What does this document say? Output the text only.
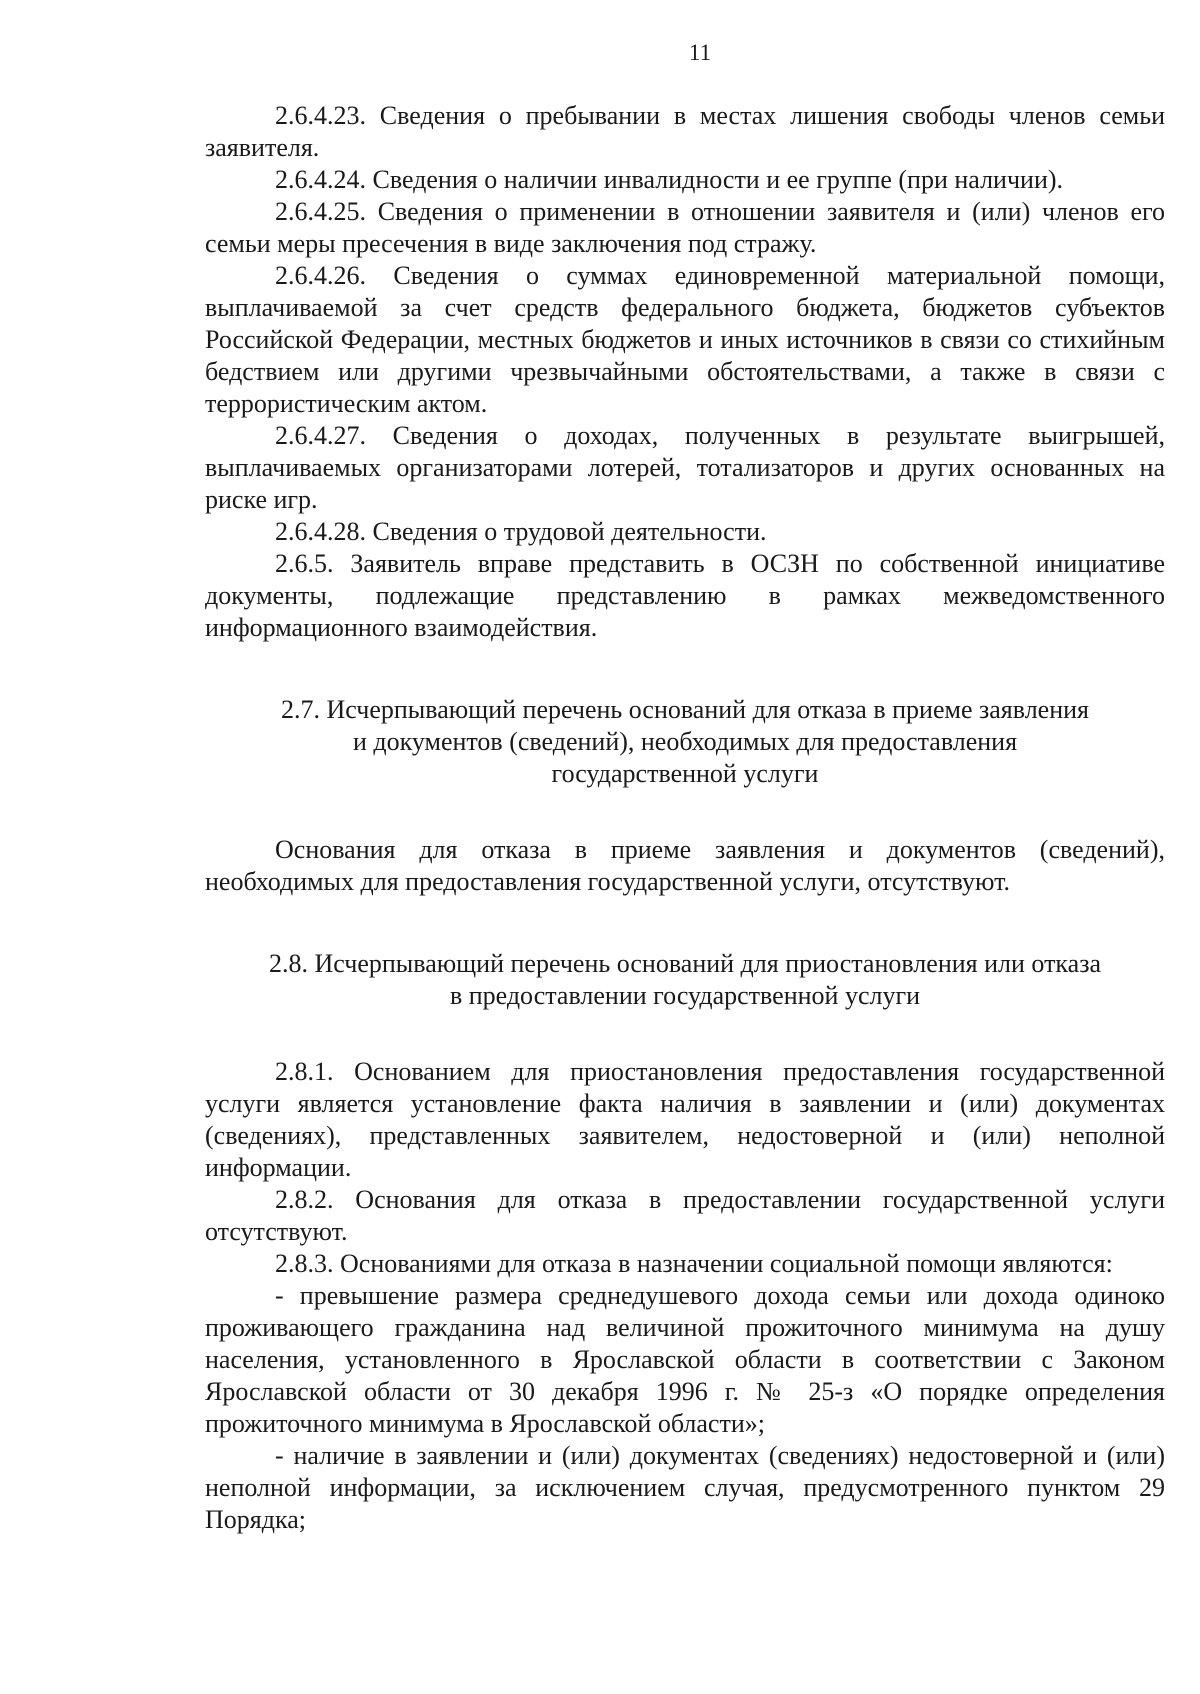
11

2.6.4.23. Сведения о пребывании в местах лишения свободы членов семьи заявителя.

2.6.4.24. Сведения о наличии инвалидности и ее группе (при наличии).

2.6.4.25. Сведения о применении в отношении заявителя и (или) членов его семьи меры пресечения в виде заключения под стражу.

2.6.4.26. Сведения о суммах единовременной материальной помощи, выплачиваемой за счет средств федерального бюджета, бюджетов субъектов Российской Федерации, местных бюджетов и иных источников в связи со стихийным бедствием или другими чрезвычайными обстоятельствами, а также в связи с террористическим актом.

2.6.4.27. Сведения о доходах, полученных в результате выигрышей, выплачиваемых организаторами лотерей, тотализаторов и других основанных на риске игр.

2.6.4.28. Сведения о трудовой деятельности.

2.6.5. Заявитель вправе представить в ОСЗН по собственной инициативе документы, подлежащие представлению в рамках межведомственного информационного взаимодействия.

2.7. Исчерпывающий перечень оснований для отказа в приеме заявления
и документов (сведений), необходимых для предоставления
государственной услуги

Основания для отказа в приеме заявления и документов (сведений), необходимых для предоставления государственной услуги, отсутствуют.

2.8. Исчерпывающий перечень оснований для приостановления или отказа
в предоставлении государственной услуги

2.8.1. Основанием для приостановления предоставления государственной услуги является установление факта наличия в заявлении и (или) документах (сведениях), представленных заявителем, недостоверной и (или) неполной информации.

2.8.2. Основания для отказа в предоставлении государственной услуги отсутствуют.

2.8.3. Основаниями для отказа в назначении социальной помощи являются:

- превышение размера среднедушевого дохода семьи или дохода одиноко проживающего гражданина над величиной прожиточного минимума на душу населения, установленного в Ярославской области в соответствии с Законом Ярославской области от 30 декабря 1996 г. № 25-з «О порядке определения прожиточного минимума в Ярославской области»;

- наличие в заявлении и (или) документах (сведениях) недостоверной и (или) неполной информации, за исключением случая, предусмотренного пунктом 29 Порядка;
